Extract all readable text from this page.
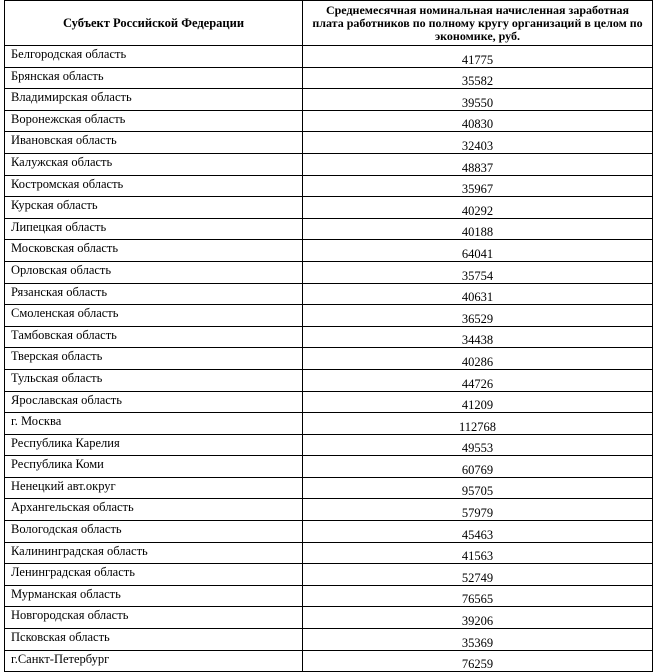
Субъект Российской Федерации	Среднемесячная номинальная начисленная заработная плата работников по полному кругу организаций в целом по экономике, руб.
Белгородская область	41775
Брянская область	35582
Владимирская область	39550
Воронежская область	40830
Ивановская область	32403
Калужская область	48837
Костромская область	35967
Курская область	40292
Липецкая область	40188
Московская область	64041
Орловская область	35754
Рязанская область	40631
Смоленская область	36529
Тамбовская область	34438
Тверская область	40286
Тульская область	44726
Ярославская область	41209
г. Москва	112768
Республика Карелия	49553
Республика Коми	60769
Ненецкий авт.округ	95705
Архангельская область	57979
Вологодская область	45463
Калининградская область	41563
Ленинградская область	52749
Мурманская область	76565
Новгородская область	39206
Псковская область	35369
г.Санкт-Петербург	76259
